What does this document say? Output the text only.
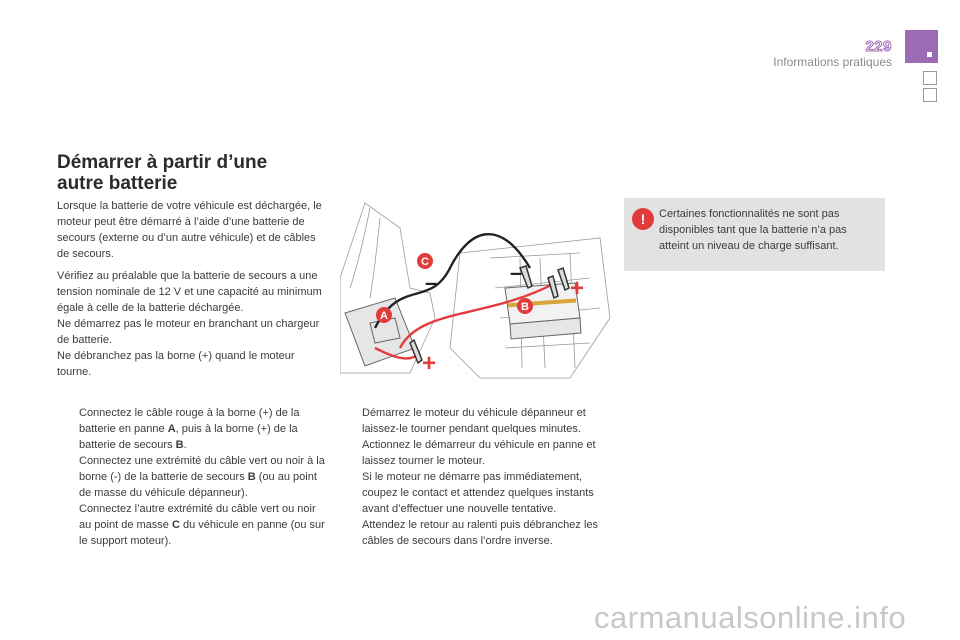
229
Informations pratiques
Démarrer à partir d’une autre batterie

Lorsque la batterie de votre véhicule est déchargée, le moteur peut être démarré à l’aide d’une batterie de secours (externe ou d’un autre véhicule) et de câbles de secours.

Vérifiez au préalable que la batterie de secours a une tension nominale de 12 V et une capacité au minimum égale à celle de la batterie déchargée.
Ne démarrez pas le moteur en branchant un chargeur de batterie.
Ne débranchez pas la borne (+) quand le moteur tourne.

Connectez le câble rouge à la borne (+) de la batterie en panne A, puis à la borne (+) de la batterie de secours B.
Connectez une extrémité du câble vert ou noir à la borne (-) de la batterie de secours B (ou au point de masse du véhicule dépanneur).
Connectez l’autre extrémité du câble vert ou noir au point de masse C du véhicule en panne (ou sur le support moteur).
Démarrez le moteur du véhicule dépanneur et laissez-le tourner pendant quelques minutes.
Actionnez le démarreur du véhicule en panne et laissez tourner le moteur.
Si le moteur ne démarre pas immédiatement, coupez le contact et attendez quelques instants avant d’effectuer une nouvelle tentative.
Attendez le retour au ralenti puis débranchez les câbles de secours dans l’ordre inverse.
!	Certaines fonctionnalités ne sont pas disponibles tant que la batterie n’a pas atteint un niveau de charge suffisant.
C
B
A
+
+
–
–
carmanualsonline.info
